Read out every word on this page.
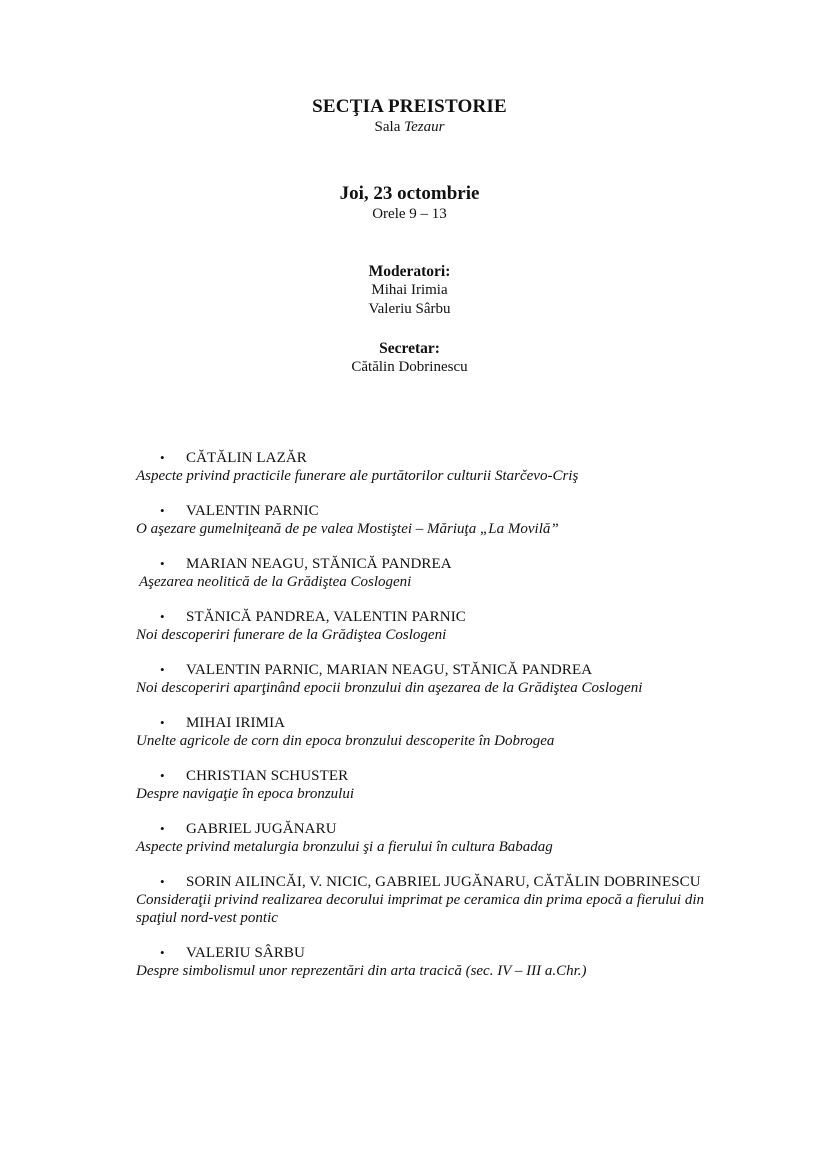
SECŢIA PREISTORIE
Sala Tezaur
Joi, 23 octombrie
Orele 9 – 13
Moderatori:
Mihai Irimia
Valeriu Sârbu
Secretar:
Cătălin Dobrinescu
• CĂTĂLIN LAZĂR
Aspecte privind practicile funerare ale purtătorilor culturii Starčevo-Criş
• VALENTIN PARNIC
O aşezare gumelniţeană de pe valea Mostiştei – Măriuţa „La Movilă”
• MARIAN NEAGU, STĂNICĂ PANDREA
Aşezarea neolitică de la Grădiştea Coslogeni
• STĂNICĂ PANDREA, VALENTIN PARNIC
Noi descoperiri funerare de la Grădiştea Coslogeni
• VALENTIN PARNIC, MARIAN NEAGU, STĂNICĂ PANDREA
Noi descoperiri aparţinând epocii bronzului din aşezarea de la Grădiştea Coslogeni
• MIHAI IRIMIA
Unelte agricole de corn din epoca bronzului descoperite în Dobrogea
• CHRISTIAN SCHUSTER
Despre navigaţie în epoca bronzului
• GABRIEL JUGĂNARU
Aspecte privind metalurgia bronzului şi a fierului în cultura Babadag
• SORIN AILINCĂI, V. NICIC, GABRIEL JUGĂNARU, CĂTĂLIN DOBRINESCU
Consideraţii privind realizarea decorului imprimat pe ceramica din prima epocă a fierului din spaţiul nord-vest pontic
• VALERIU SÂRBU
Despre simbolismul unor reprezentări din arta tracică (sec. IV – III a.Chr.)
